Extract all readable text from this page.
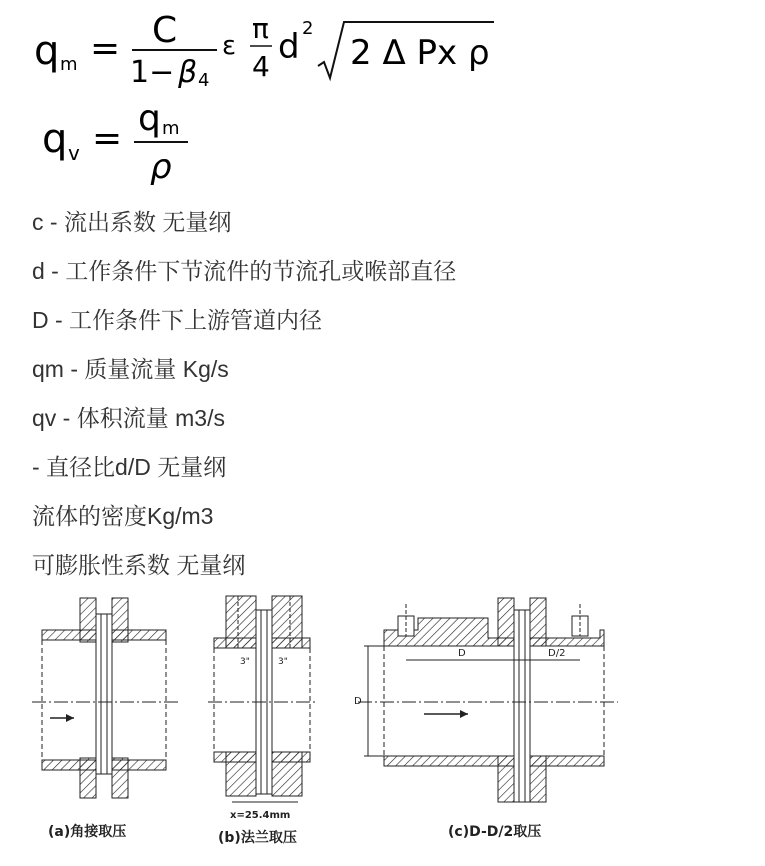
q m = C
1− β 4
ε
π
4 d 2
2 Δ Px ρ
q v = q m
ρ
c - 流出系数 无量纲
d - 工作条件下节流件的节流孔或喉部直径
D - 工作条件下上游管道内径
qm - 质量流量 Kg/s
qv - 体积流量 m3/s
- 直径比d/D 无量纲
流体的密度Kg/m3
可膨胀性系数 无量纲
(a)角接取压
3"	3"
x=25.4mm
(b)法兰取压
D	D/2
D
(c)D-D/2取压
